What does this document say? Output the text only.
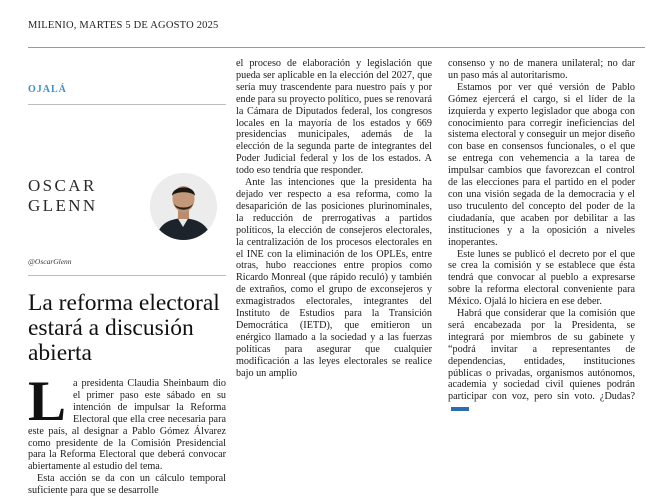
MILENIO, MARTES 5 DE AGOSTO 2025
OJALÁ
OSCAR
GLENN
@OscarGlenn
La reforma electoral estará a discusión abierta

La presidenta Claudia Sheinbaum dio el primer paso este sábado en su intención de impulsar la Reforma Electoral que ella cree necesaria para este país, al designar a Pablo Gómez Álvarez como presidente de la Comisión Presidencial para la Reforma Electoral que deberá convocar abiertamente al estudio del tema.

Esta acción se da con un cálculo temporal suficiente para que se desarrolle

el proceso de elaboración y legislación que pueda ser aplicable en la elección del 2027, que sería muy trascendente para nuestro país y por ende para su proyecto político, pues se renovará la Cámara de Diputados federal, los congresos locales en la mayoría de los estados y 669 presidencias municipales, además de la elección de la segunda parte de integrantes del Poder Judicial federal y los de los estados. A todo eso tendría que responder.

Ante las intenciones que la presidenta ha dejado ver respecto a esa reforma, como la desaparición de las posiciones plurinominales, la reducción de prerrogativas a partidos políticos, la elección de consejeros electorales, la centralización de los procesos electorales en el INE con la eliminación de los OPLEs, entre otras, hubo reacciones entre propios como Ricardo Monreal (que rápido reculó) y también de extraños, como el grupo de exconsejeros y exmagistrados electorales, integrantes del Instituto de Estudios para la Transición Democrática (IETD), que emitieron un enérgico llamado a la sociedad y a las fuerzas políticas para asegurar que cualquier modificación a las leyes electorales se realice bajo un amplio

consenso y no de manera unilateral; no dar un paso más al autoritarismo.

Estamos por ver qué versión de Pablo Gómez ejercerá el cargo, si el líder de la izquierda y experto legislador que aboga con conocimiento para corregir ineficiencias del sistema electoral y conseguir un mejor diseño con base en consensos funcionales, o el que se entrega con vehemencia a la tarea de impulsar cambios que favorezcan el control de las elecciones para el partido en el poder con una visión segada de la democracia y el uso truculento del concepto del poder de la ciudadanía, que acaben por debilitar a las instituciones y a la oposición a niveles inoperantes.

Este lunes se publicó el decreto por el que se crea la comisión y se establece que ésta tendrá que convocar al pueblo a expresarse sobre la reforma electoral conveniente para México. Ojalá lo hiciera en ese deber.

Habrá que considerar que la comisión que será encabezada por la Presidenta, se integrará por miembros de su gabinete y “podrá invitar a representantes de dependencias, entidades, instituciones públicas o privadas, organismos autónomos, academia y sociedad civil quienes podrán participar con voz, pero sin voto. ¿Dudas?
